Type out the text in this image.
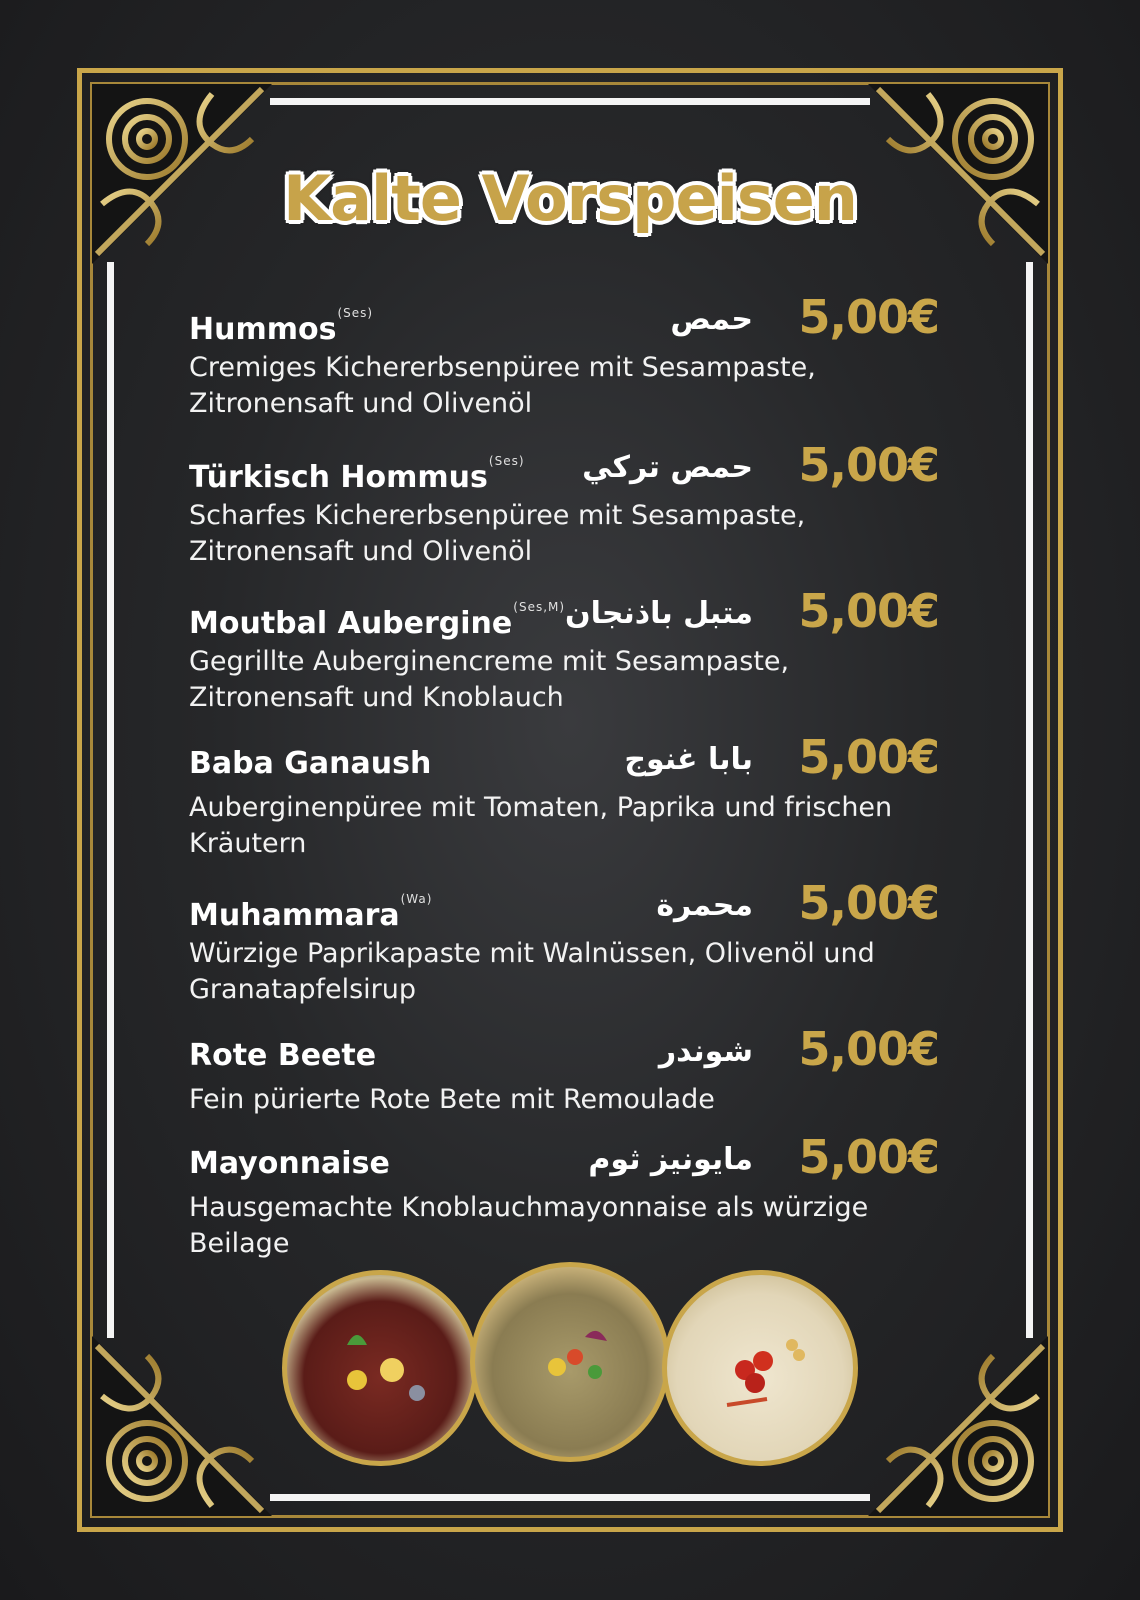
Kalte Vorspeisen
Hummos$^{(Ses)}$	حمص 5,00€
Cremiges Kichererbsenpüree mit Sesampaste, Zitronensaft und Olivenöl
Türkisch Hommus$^{(Ses)}$ حمص تركي 5,00€
Scharfes Kichererbsenpüree mit Sesampaste, Zitronensaft und Olivenöl
Moutbal Aubergine$^{(Ses,M)}$ متبل باذنجان 5,00€
Gegrillte Auberginencreme mit Sesampaste, Zitronensaft und Knoblauch
Baba Ganaush	بابا غنوج 5,00€
Auberginenpüree mit Tomaten, Paprika und frischen Kräutern
Muhammara$^{(Wa)}$	محمرة 5,00€
Würzige Paprikapaste mit Walnüssen, Olivenöl und Granatapfelsirup
Rote Beete	شوندر 5,00€
Fein pürierte Rote Bete mit Remoulade
Mayonnaise	مايونيز ثوم 5,00€
Hausgemachte Knoblauchmayonnaise als würzige Beilage
